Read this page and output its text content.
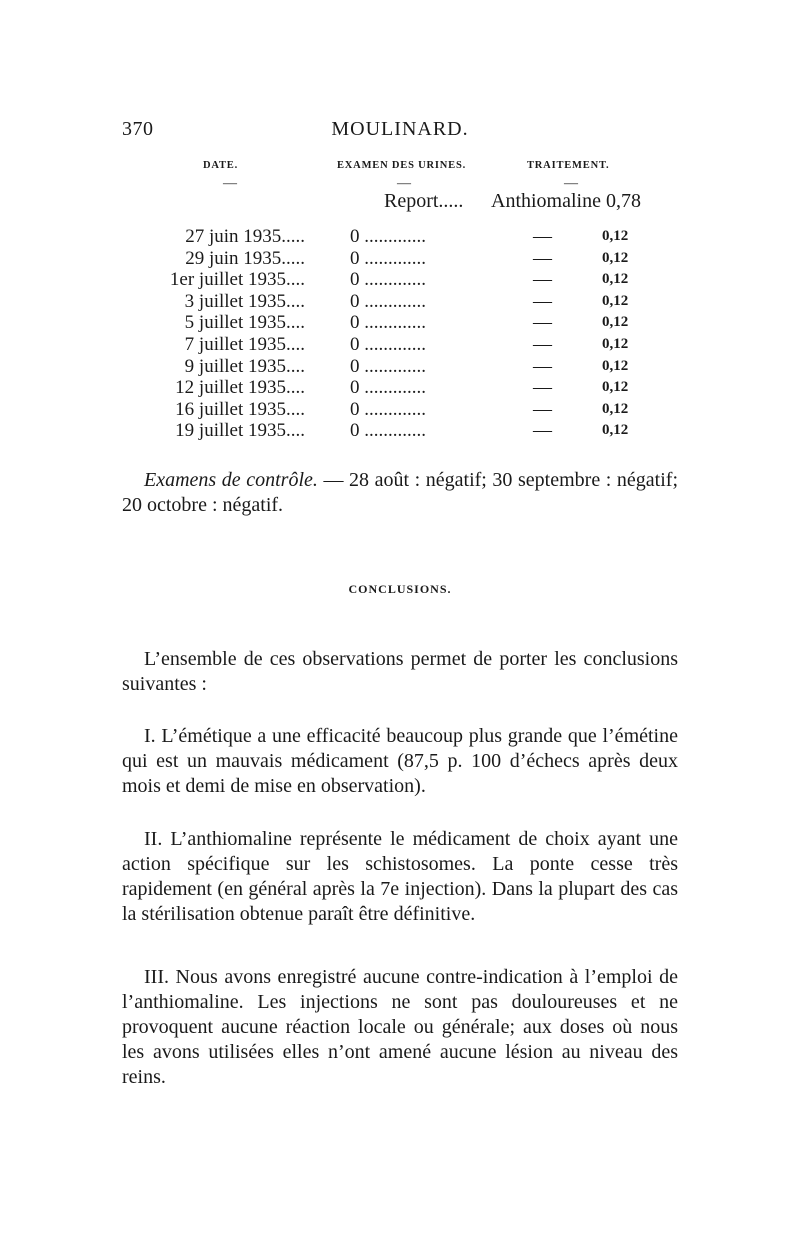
370	MOULINARD.
DATE.	EXAMEN DES URINES.	TRAITEMENT.
—	—	—
Report..... Anthiomaline 0,78
27 juin 1935..... 0 .............	—	0,12
29 juin 1935..... 0 .............	—	0,12
1er juillet 1935.... 0 .............	—	0,12
3 juillet 1935.... 0 .............	—	0,12
5 juillet 1935.... 0 .............	—	0,12
7 juillet 1935.... 0 .............	—	0,12
9 juillet 1935.... 0 .............	—	0,12
12 juillet 1935.... 0 .............	—	0,12
16 juillet 1935.... 0 .............	—	0,12
19 juillet 1935.... 0 .............	—	0,12

Examens de contrôle. — 28 août : négatif; 30 septembre : négatif; 20 octobre : négatif.

CONCLUSIONS.

L’ensemble de ces observations permet de porter les conclusions suivantes :

I. L’émétique a une efficacité beaucoup plus grande que l’émétine qui est un mauvais médicament (87,5 p. 100 d’échecs après deux mois et demi de mise en observation).

II. L’anthiomaline représente le médicament de choix ayant une action spécifique sur les schistosomes. La ponte cesse très rapidement (en général après la 7e injection). Dans la plupart des cas la stérilisation obtenue paraît être définitive.

III. Nous avons enregistré aucune contre-indication à l’emploi de l’anthiomaline. Les injections ne sont pas douloureuses et ne provoquent aucune réaction locale ou générale; aux doses où nous les avons utilisées elles n’ont amené aucune lésion au niveau des reins.
